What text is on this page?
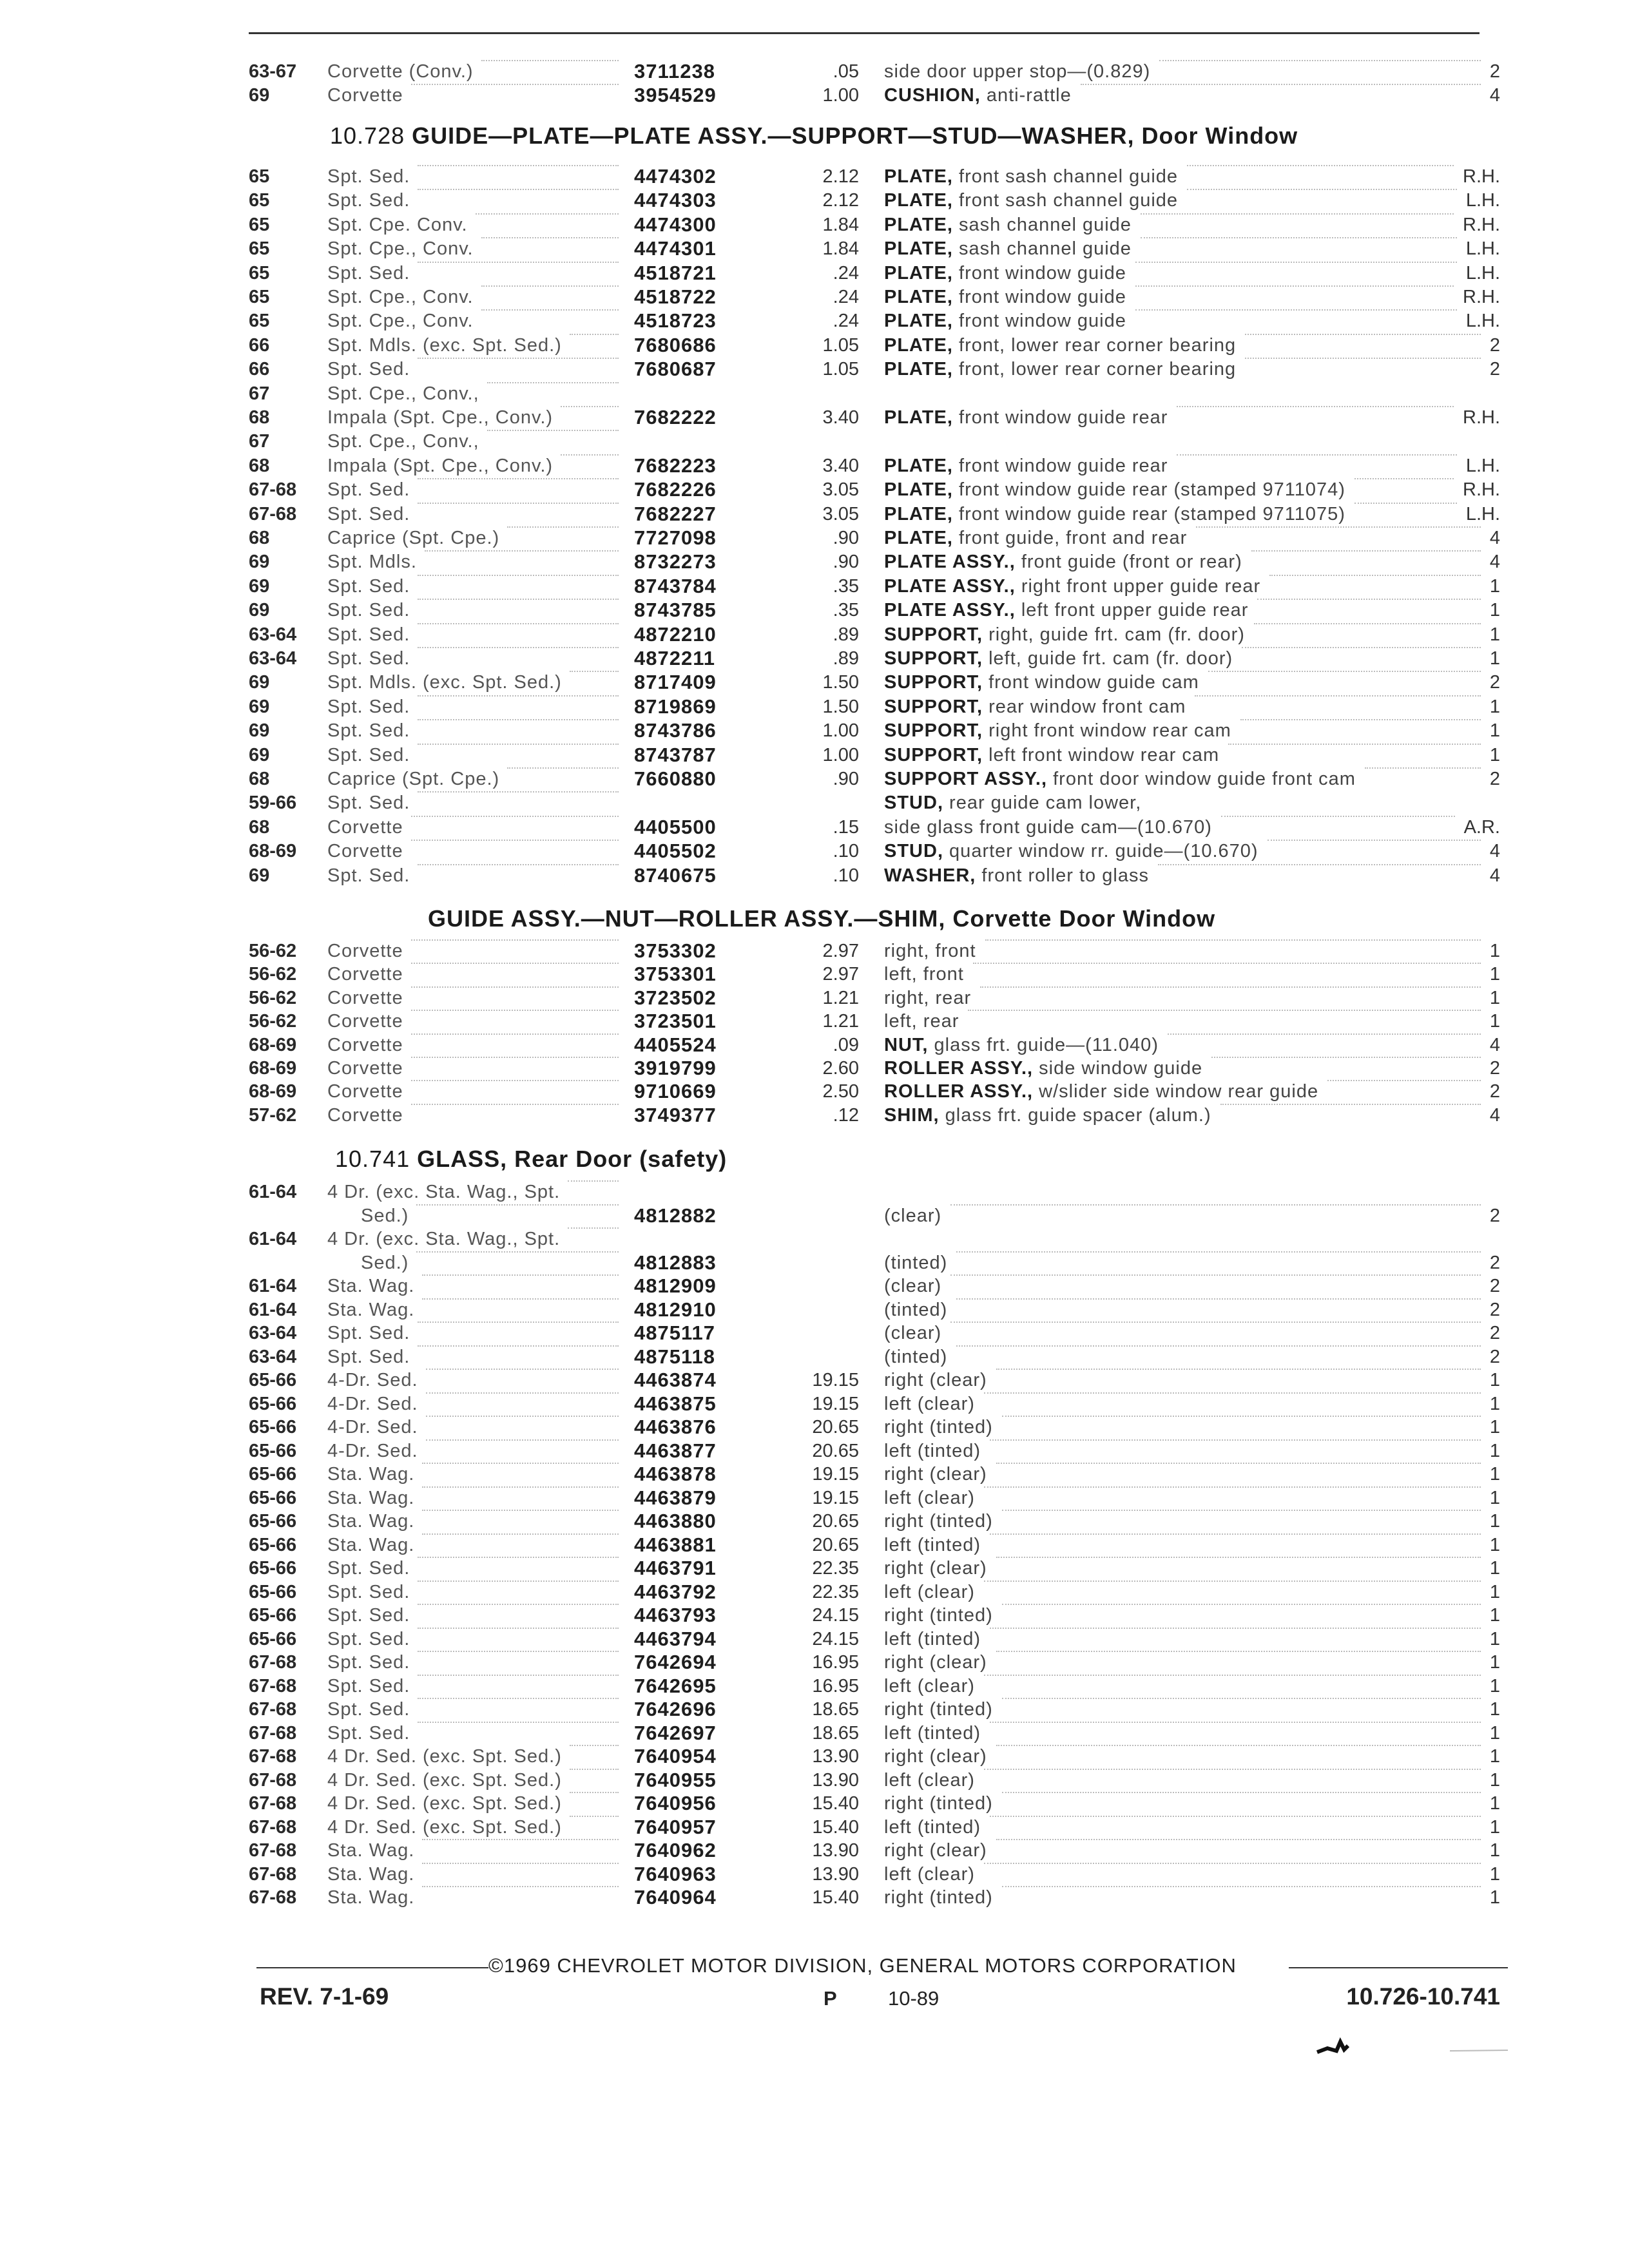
63-67 Corvette (Conv.)	3711238	.05 side door upper stop—(0.829)	2
69	Corvette	3954529	1.00 CUSHION, anti-rattle	4
10.728 GUIDE—PLATE—PLATE ASSY.—SUPPORT—STUD—WASHER, Door Window
65	Spt. Sed.	4474302	2.12 PLATE, front sash channel guide	R.H.
65	Spt. Sed.	4474303	2.12 PLATE, front sash channel guide	L.H.
65	Spt. Cpe. Conv.	4474300	1.84 PLATE, sash channel guide	R.H.
65	Spt. Cpe., Conv.	4474301	1.84 PLATE, sash channel guide	L.H.
65	Spt. Sed.	4518721	.24 PLATE, front window guide	L.H.
65	Spt. Cpe., Conv.	4518722	.24 PLATE, front window guide	R.H.
65	Spt. Cpe., Conv.	4518723	.24 PLATE, front window guide	L.H.
66	Spt. Mdls. (exc. Spt. Sed.)	7680686	1.05 PLATE, front, lower rear corner bearing	2
66	Spt. Sed.	7680687	1.05 PLATE, front, lower rear corner bearing	2
67	Spt. Cpe., Conv.,
68	Impala (Spt. Cpe., Conv.)	7682222	3.40 PLATE, front window guide rear	R.H.
67	Spt. Cpe., Conv.,
68	Impala (Spt. Cpe., Conv.)	7682223	3.40 PLATE, front window guide rear	L.H.
67-68 Spt. Sed.	7682226	3.05 PLATE, front window guide rear (stamped 9711074)	R.H.
67-68 Spt. Sed.	7682227	3.05 PLATE, front window guide rear (stamped 9711075)	L.H.
68	Caprice (Spt. Cpe.)	7727098	.90 PLATE, front guide, front and rear	4
69	Spt. Mdls.	8732273	.90 PLATE ASSY., front guide (front or rear)	4
69	Spt. Sed.	8743784	.35 PLATE ASSY., right front upper guide rear	1
69	Spt. Sed.	8743785	.35 PLATE ASSY., left front upper guide rear	1
63-64 Spt. Sed.	4872210	.89 SUPPORT, right, guide frt. cam (fr. door)	1
63-64 Spt. Sed.	4872211	.89 SUPPORT, left, guide frt. cam (fr. door)	1
69	Spt. Mdls. (exc. Spt. Sed.)	8717409	1.50 SUPPORT, front window guide cam	2
69	Spt. Sed.	8719869	1.50 SUPPORT, rear window front cam	1
69	Spt. Sed.	8743786	1.00 SUPPORT, right front window rear cam	1
69	Spt. Sed.	8743787	1.00 SUPPORT, left front window rear cam	1
68	Caprice (Spt. Cpe.)	7660880	.90 SUPPORT ASSY., front door window guide front cam	2
59-66 Spt. Sed.	STUD, rear guide cam lower,
68	Corvette	4405500	.15 side glass front guide cam—(10.670)	A.R.
68-69 Corvette	4405502	.10 STUD, quarter window rr. guide—(10.670)	4
69	Spt. Sed.	8740675	.10 WASHER, front roller to glass	4
GUIDE ASSY.—NUT—ROLLER ASSY.—SHIM, Corvette Door Window
56-62 Corvette	3753302	2.97 right, front	1
56-62 Corvette	3753301	2.97 left, front	1
56-62 Corvette	3723502	1.21 right, rear	1
56-62 Corvette	3723501	1.21 left, rear	1
68-69 Corvette	4405524	.09 NUT, glass frt. guide—(11.040)	4
68-69 Corvette	3919799	2.60 ROLLER ASSY., side window guide	2
68-69 Corvette	9710669	2.50 ROLLER ASSY., w/slider side window rear guide	2
57-62 Corvette	3749377	.12 SHIM, glass frt. guide spacer (alum.)	4
10.741 GLASS, Rear Door (safety)
61-64 4 Dr. (exc. Sta. Wag., Spt.
Sed.)	4812882	(clear)	2
61-64 4 Dr. (exc. Sta. Wag., Spt.
Sed.)	4812883	(tinted)	2
61-64 Sta. Wag.	4812909	(clear)	2
61-64 Sta. Wag.	4812910	(tinted)	2
63-64 Spt. Sed.	4875117	(clear)	2
63-64 Spt. Sed.	4875118	(tinted)	2
65-66 4-Dr. Sed.	4463874	19.15 right (clear)	1
65-66 4-Dr. Sed.	4463875	19.15 left (clear)	1
65-66 4-Dr. Sed.	4463876	20.65 right (tinted)	1
65-66 4-Dr. Sed.	4463877	20.65 left (tinted)	1
65-66 Sta. Wag.	4463878	19.15 right (clear)	1
65-66 Sta. Wag.	4463879	19.15 left (clear)	1
65-66 Sta. Wag.	4463880	20.65 right (tinted)	1
65-66 Sta. Wag.	4463881	20.65 left (tinted)	1
65-66 Spt. Sed.	4463791	22.35 right (clear)	1
65-66 Spt. Sed.	4463792	22.35 left (clear)	1
65-66 Spt. Sed.	4463793	24.15 right (tinted)	1
65-66 Spt. Sed.	4463794	24.15 left (tinted)	1
67-68 Spt. Sed.	7642694	16.95 right (clear)	1
67-68 Spt. Sed.	7642695	16.95 left (clear)	1
67-68 Spt. Sed.	7642696	18.65 right (tinted)	1
67-68 Spt. Sed.	7642697	18.65 left (tinted)	1
67-68 4 Dr. Sed. (exc. Spt. Sed.)	7640954	13.90 right (clear)	1
67-68 4 Dr. Sed. (exc. Spt. Sed.)	7640955	13.90 left (clear)	1
67-68 4 Dr. Sed. (exc. Spt. Sed.)	7640956	15.40 right (tinted)	1
67-68 4 Dr. Sed. (exc. Spt. Sed.)	7640957	15.40 left (tinted)	1
67-68 Sta. Wag.	7640962	13.90 right (clear)	1
67-68 Sta. Wag.	7640963	13.90 left (clear)	1
67-68 Sta. Wag.	7640964	15.40 right (tinted)	1
©1969 CHEVROLET MOTOR DIVISION, GENERAL MOTORS CORPORATION
REV. 7-1-69	P	10-89	10.726-10.741
